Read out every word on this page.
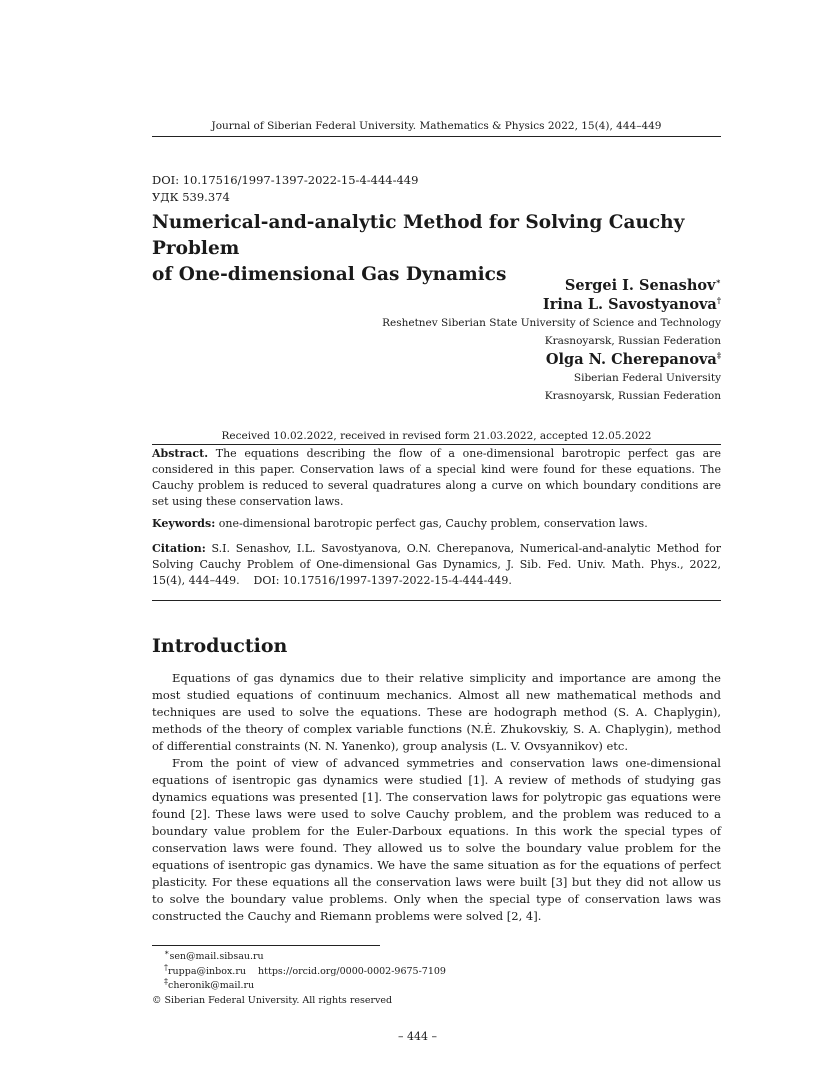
Journal of Siberian Federal University. Mathematics & Physics 2022, 15(4), 444–449
DOI: 10.17516/1997-1397-2022-15-4-444-449
УДК 539.374
Numerical-and-analytic Method for Solving Cauchy Problem
of One-dimensional Gas Dynamics
Sergei I. Senashov∗
Irina L. Savostyanova†
Reshetnev Siberian State University of Science and Technology
Krasnoyarsk, Russian Federation
Olga N. Cherepanova‡
Siberian Federal University
Krasnoyarsk, Russian Federation
Received 10.02.2022, received in revised form 21.03.2022, accepted 12.05.2022
Abstract. The equations describing the flow of a one-dimensional barotropic perfect gas are considered in this paper. Conservation laws of a special kind were found for these equations. The Cauchy problem is reduced to several quadratures along a curve on which boundary conditions are set using these conservation laws.
Keywords: one-dimensional barotropic perfect gas, Cauchy problem, conservation laws.
Citation: S.I. Senashov, I.L. Savostyanova, O.N. Cherepanova, Numerical-and-analytic Method for Solving Cauchy Problem of One-dimensional Gas Dynamics, J. Sib. Fed. Univ. Math. Phys., 2022, 15(4), 444–449.    DOI: 10.17516/1997-1397-2022-15-4-444-449.
Introduction

Equations of gas dynamics due to their relative simplicity and importance are among the most studied equations of continuum mechanics. Almost all new mathematical methods and techniques are used to solve the equations. These are hodograph method (S. A. Chaplygin), methods of the theory of complex variable functions (N.Ė. Zhukovskiy, S. A. Chaplygin), method of differential constraints (N. N. Yanenko), group analysis (L. V. Ovsyannikov) etc.

From the point of view of advanced symmetries and conservation laws one-dimensional equations of isentropic gas dynamics were studied [1]. A review of methods of studying gas dynamics equations was presented [1]. The conservation laws for polytropic gas equations were found [2]. These laws were used to solve Cauchy problem, and the problem was reduced to a boundary value problem for the Euler-Darboux equations. In this work the special types of conservation laws were found. They allowed us to solve the boundary value problem for the equations of isentropic gas dynamics. We have the same situation as for the equations of perfect plasticity. For these equations all the conservation laws were built [3] but they did not allow us to solve the boundary value problems. Only when the special type of conservation laws was constructed the Cauchy and Riemann problems were solved [2, 4].

∗sen@mail.sibsau.ru
†ruppa@inbox.ru    https://orcid.org/0000-0002-9675-7109
‡cheronik@mail.ru
© Siberian Federal University. All rights reserved
– 444 –
